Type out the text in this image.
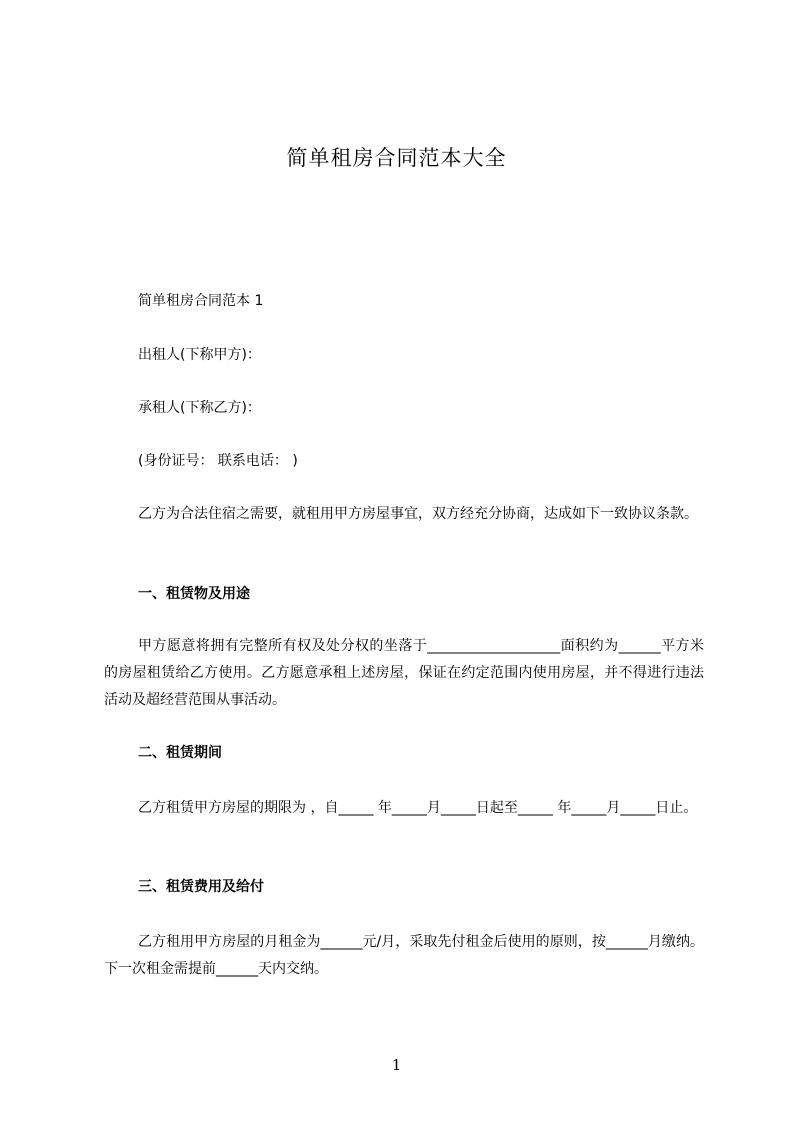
简单租房合同范本大全

简单租房合同范本 1

出租人(下称甲方)：

承租人(下称乙方)：

(身份证号： 联系电话： )

乙方为合法住宿之需要，就租用甲方房屋事宜，双方经充分协商，达成如下一致协议条款。

一、租赁物及用途

甲方愿意将拥有完整所有权及处分权的坐落于___________________面积约为______平方米的房屋租赁给乙方使用。乙方愿意承租上述房屋，保证在约定范围内使用房屋，并不得进行违法活动及超经营范围从事活动。

二、租赁期间

乙方租赁甲方房屋的期限为 ，自_____ 年_____月_____日起至_____ 年_____月_____日止。

三、租赁费用及给付

乙方租用甲方房屋的月租金为______元/月，采取先付租金后使用的原则，按______月缴纳。下一次租金需提前______天内交纳。

1
